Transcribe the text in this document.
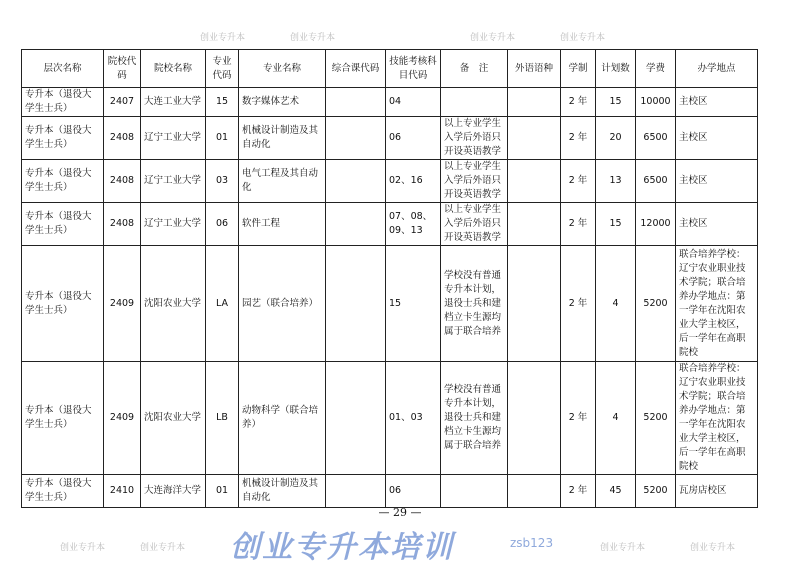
创业专升本	创业专升本	创业专升本	创业专升本
创业专升本	创业专升本	创业专升本	创业专升本
层次名称	院校代码	院校名称	专业代码	专业名称	综合课代码	技能考核科目代码	备　注	外语语种	学制	计划数	学费	办学地点
专升本（退役大学生士兵）	2407	大连工业大学	15	数字媒体艺术		04			2 年	15	10000	主校区
专升本（退役大学生士兵）	2408	辽宁工业大学	01	机械设计制造及其自动化		06	以上专业学生入学后外语只开设英语教学		2 年	20	6500	主校区
专升本（退役大学生士兵）	2408	辽宁工业大学	03	电气工程及其自动化		02、16	以上专业学生入学后外语只开设英语教学		2 年	13	6500	主校区
专升本（退役大学生士兵）	2408	辽宁工业大学	06	软件工程		07、08、09、13	以上专业学生入学后外语只开设英语教学		2 年	15	12000	主校区
专升本（退役大学生士兵）	2409	沈阳农业大学	LA	园艺（联合培养）		15	学校没有普通专升本计划，退役士兵和建档立卡生源均属于联合培养		2 年	4	5200	联合培养学校：辽宁农业职业技术学院；联合培养办学地点：第一学年在沈阳农业大学主校区，后一学年在高职院校
专升本（退役大学生士兵）	2409	沈阳农业大学	LB	动物科学（联合培养）		01、03	学校没有普通专升本计划，退役士兵和建档立卡生源均属于联合培养		2 年	4	5200	联合培养学校：辽宁农业职业技术学院；联合培养办学地点：第一学年在沈阳农业大学主校区，后一学年在高职院校
专升本（退役大学生士兵）	2410	大连海洋大学	01	机械设计制造及其自动化		06			2 年	45	5200	瓦房店校区
创业专升本培训	zsb123
— 29 —
